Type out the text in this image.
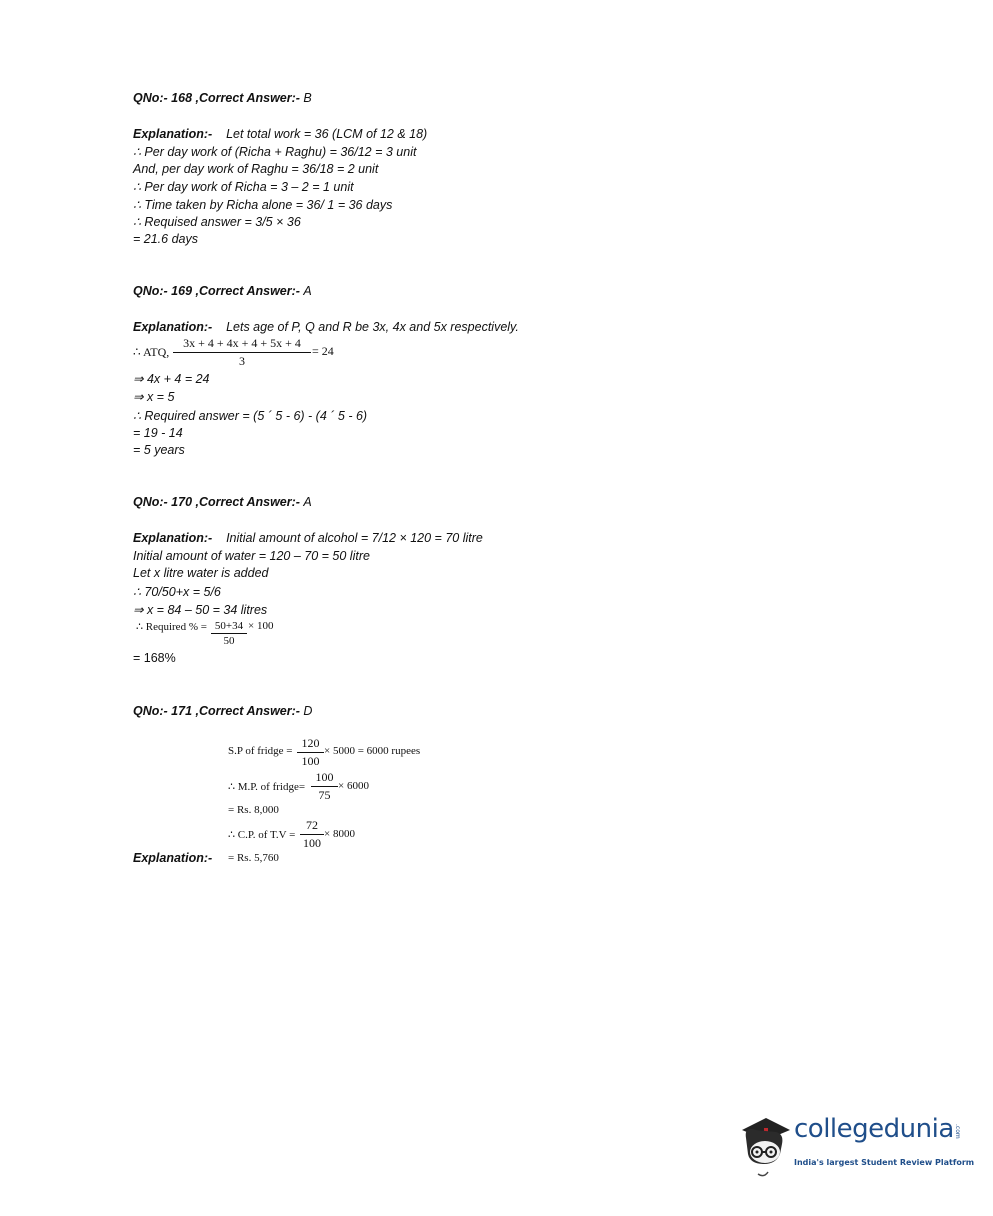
QNo:- 168 ,Correct Answer:- B
Explanation:- Let total work = 36 (LCM of 12 & 18)
∴ Per day work of (Richa + Raghu) = 36/12 = 3 unit
And, per day work of Raghu = 36/18 = 2 unit
∴ Per day work of Richa = 3 – 2 = 1 unit
∴ Time taken by Richa alone = 36/ 1 = 36 days
∴ Requised answer = 3/5 × 36
= 21.6 days
QNo:- 169 ,Correct Answer:- A
Explanation:- Lets age of P, Q and R be 3x, 4x and 5x respectively.
∴ ATQ, $\frac{3x + 4 + 4x + 4 + 5x + 4}{3} = 24$
⇒ 4x + 4 = 24
⇒ x = 5
∴ Required answer = (5 ´ 5 - 6) - (4 ´ 5 - 6)
= 19 - 14
= 5 years
QNo:- 170 ,Correct Answer:- A
Explanation:- Initial amount of alcohol = 7/12 × 120 = 70 litre
Initial amount of water = 120 – 70 = 50 litre
Let x litre water is added
∴ 70/50+x = 5/6
⇒ x = 84 – 50 = 34 litres
∴ Required % = $\frac{50+34}{50} \times 100$
= 168%
QNo:- 171 ,Correct Answer:- D
S.P of fridge = $\frac{120}{100} \times 5000 = 6000$ rupees
∴ M.P. of fridge= $\frac{100}{75} \times 6000$
= Rs. 8,000
∴ C.P. of $T.V = \frac{72}{100} \times 8000$
Explanation:- = Rs. 5,760
collegedunia .com
India's largest Student Review Platform
